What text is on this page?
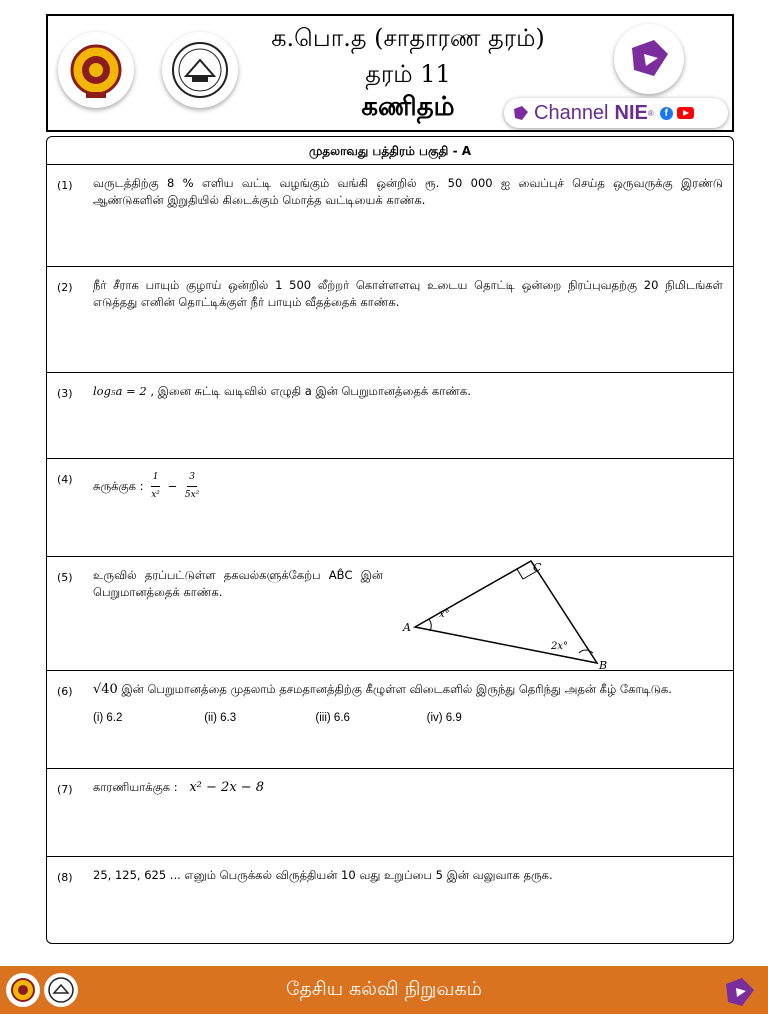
க.பொ.த (சாதாரண தரம்)
தரம் 11
கணிதம்	Channel NIE ®	f
முதலாவது பத்திரம் பகுதி - A
(1) வருடத்திற்கு 8 % எளிய வட்டி வழங்கும் வங்கி ஒன்றில் ரூ. 50 000 ஐ வைப்புச் செய்த ஒருவருக்கு இரண்டு ஆண்டுகளின் இறுதியில் கிடைக்கும் மொத்த வட்டியைக் காண்க.
(2) நீர் சீராக பாயும் குழாய் ஒன்றில் 1 500 லீற்றர் கொள்ளளவு உடைய தொட்டி ஒன்றை நிரப்புவதற்கு 20 நிமிடங்கள் எடுத்தது எனின் தொட்டிக்குள் நீர் பாயும் வீதத்தைக் காண்க.
(3) log₅a = 2 , இனை சுட்டி வடிவில் எழுதி a இன் பெறுமானத்தைக் காண்க.
(4) சுருக்குக : $\frac{1}{\text{x²}} - \frac{3}{\text{5x²}}$
(5) உருவில் தரப்பட்டுள்ள தகவல்களுக்கேற்ப AB̂C இன் பெறுமானத்தைக் காண்க.
A
B
C
x°
2x°
(6) √40 இன் பெறுமானத்தை முதலாம் தசமதானத்திற்கு கீழுள்ள விடைகளில் இருந்து தெரிந்து அதன் கீழ் கோடிடுக.
(i) 6.2	(ii) 6.3	(iii) 6.6	(iv) 6.9
(7) காரணியாக்குக : x² − 2x − 8
(8) 25, 125, 625 ... எனும் பெருக்கல் விருத்தியன் 10 வது உறுப்பை 5 இன் வலுவாக தருக.
தேசிய கல்வி நிறுவகம்
